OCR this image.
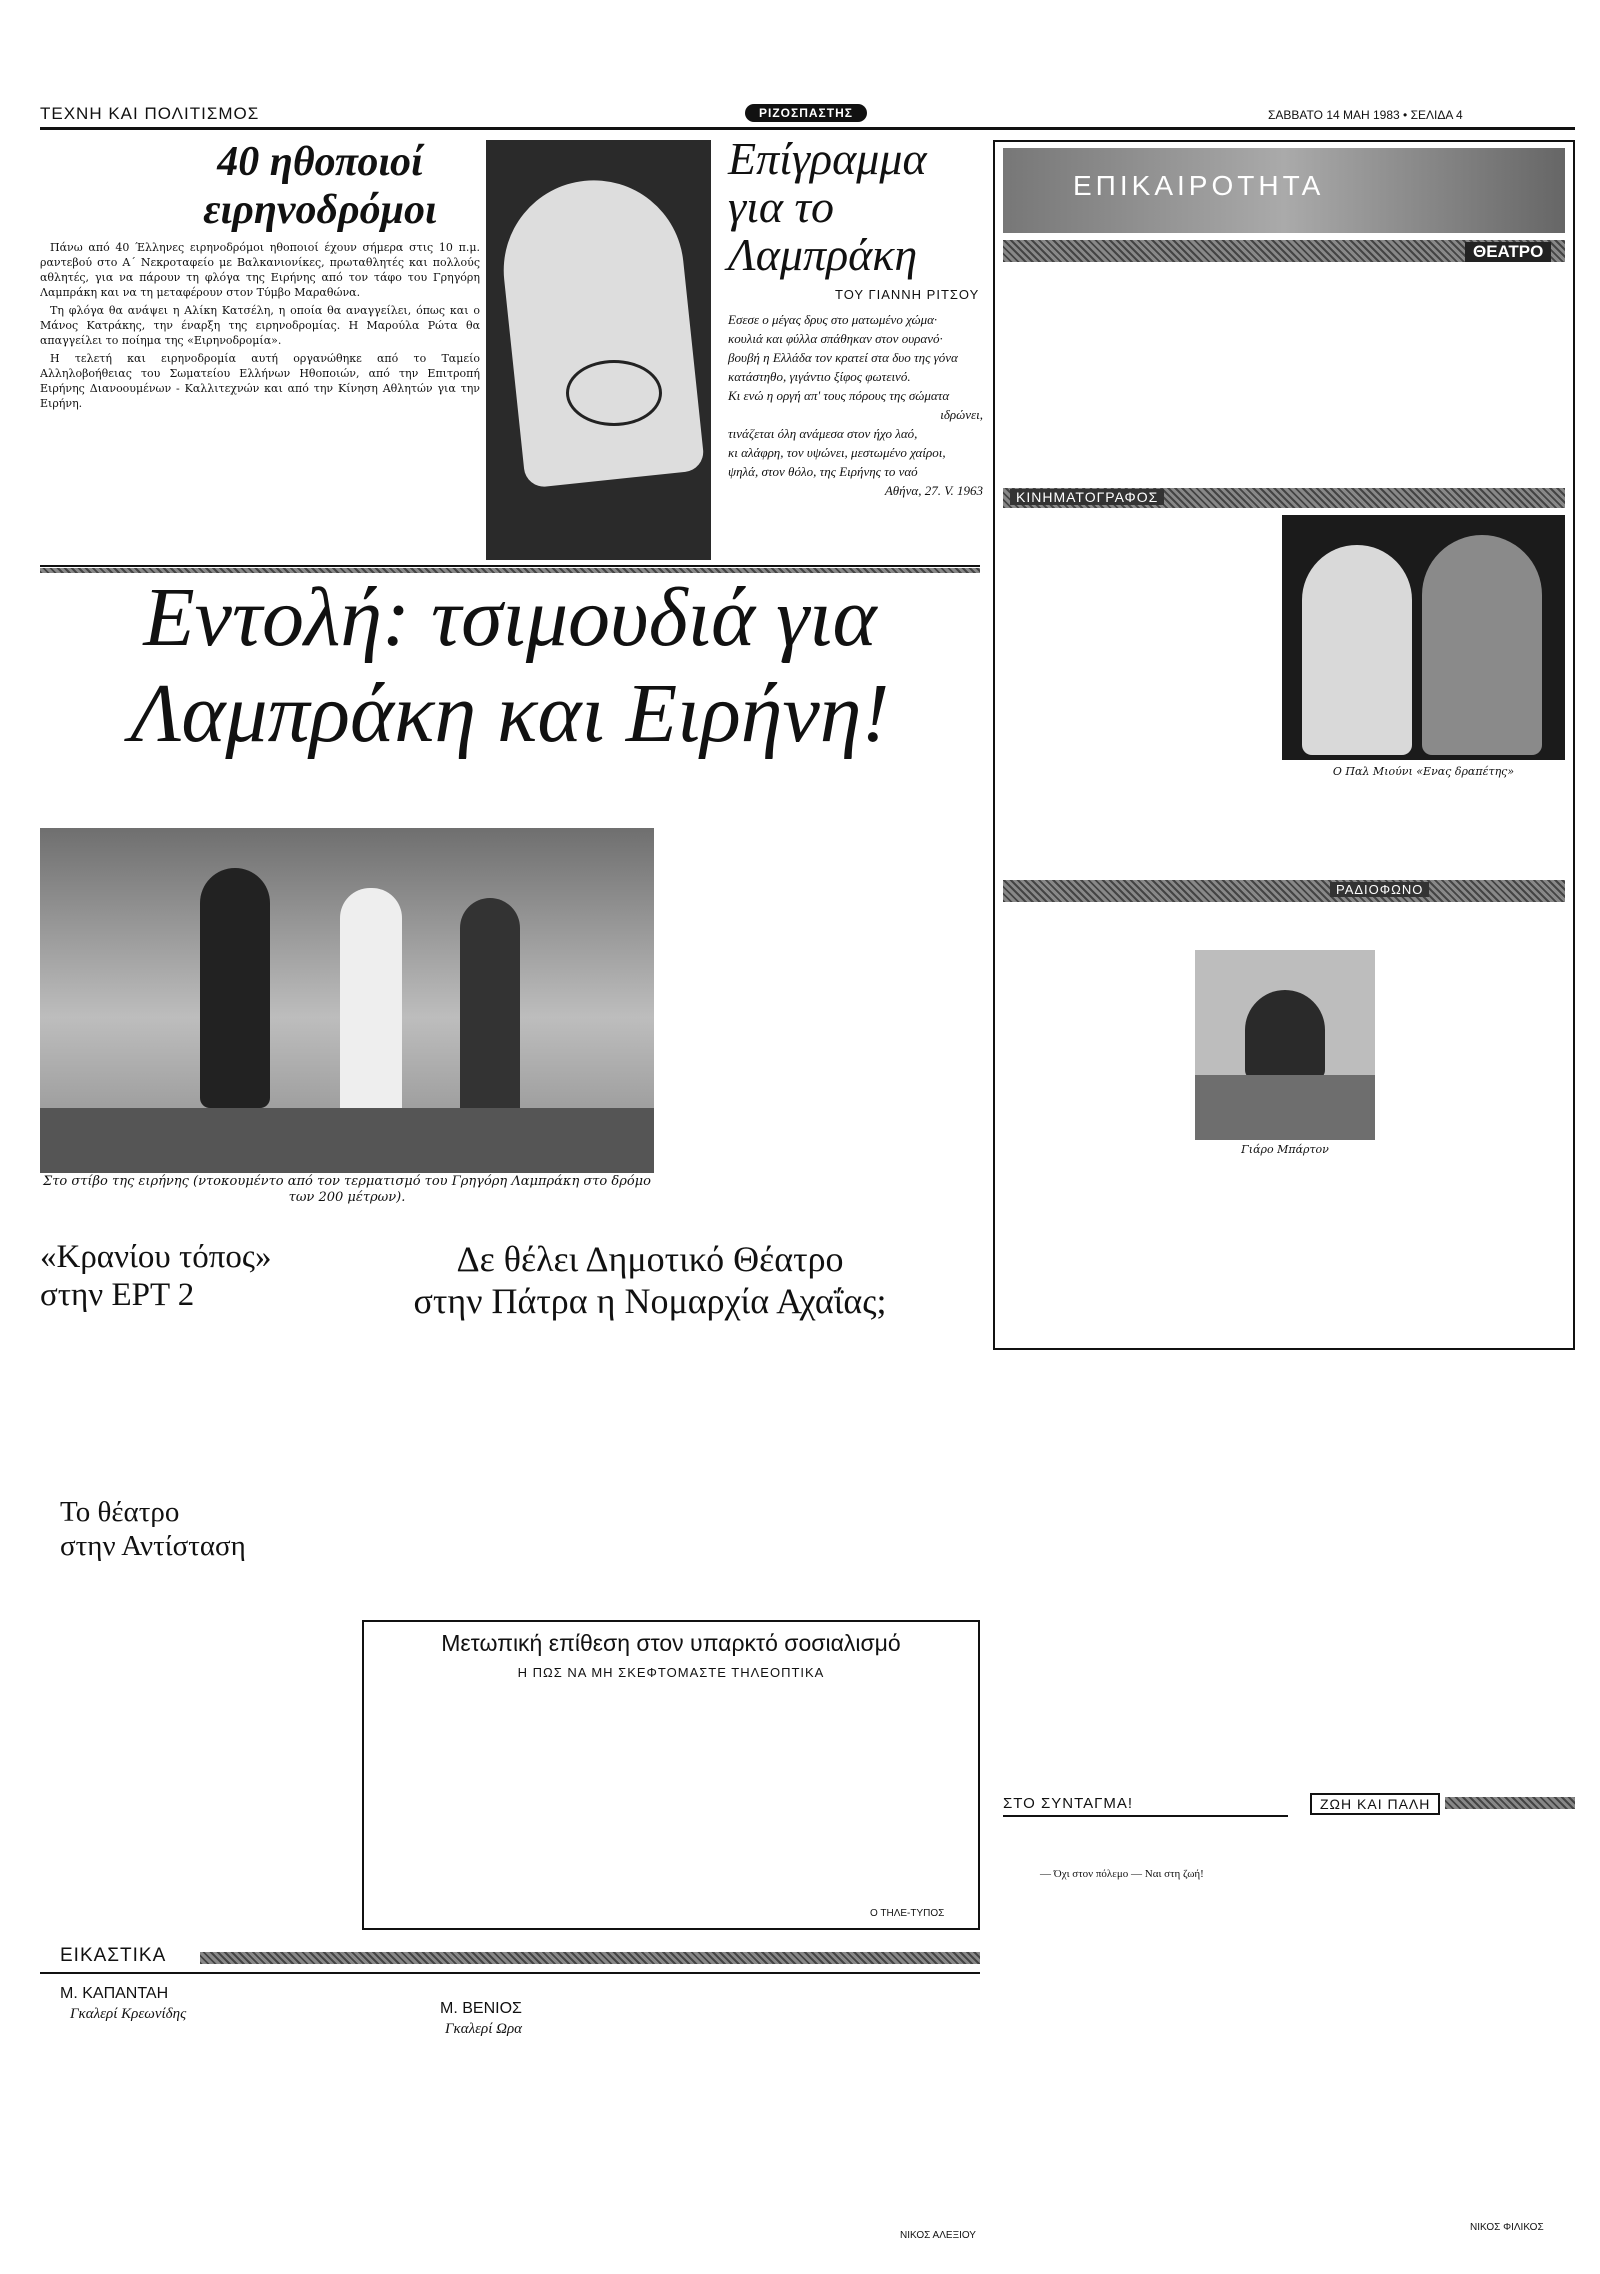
ΤΕΧΝΗ ΚΑΙ ΠΟΛΙΤΙΣΜΟΣ	ΡΙΖΟΣΠΑΣΤΗΣ	ΣΑΒΒΑΤΟ 14 ΜΑΗ 1983 • ΣΕΛΙΔΑ 4
40 ηθοποιοί
ειρηνοδρόμοι

Πάνω από 40 Έλληνες ειρηνοδρόμοι ηθοποιοί έχουν σήμερα στις 10 π.μ. ραντεβού στο Α΄ Νεκροταφείο με Βαλκανιονίκες, πρωταθλητές και πολλούς αθλητές, για να πάρουν τη φλόγα της Ειρήνης από τον τάφο του Γρηγόρη Λαμπράκη και να τη μεταφέρουν στον Τύμβο Μαραθώνα.

Τη φλόγα θα ανάψει η Αλίκη Κατσέλη, η οποία θα αναγγείλει, όπως και ο Μάνος Κατράκης, την έναρξη της ειρηνοδρομίας. Η Μαρούλα Ρώτα θα απαγγείλει το ποίημα της «Ειρηνοδρομία».

Η τελετή και ειρηνοδρομία αυτή οργανώθηκε από το Ταμείο Αλληλοβοήθειας του Σωματείου Ελλήνων Ηθοποιών, από την Επιτροπή Ειρήνης Διανοουμένων - Καλλιτεχνών και από την Κίνηση Αθλητών για την Ειρήνη.

Επίγραμμα
για το
Λαμπράκη
ΤΟΥ ΓΙΑΝΝΗ ΡΙΤΣΟΥ
Εσεσε ο μέγας δρυς στο ματωμένο χώμα·
κουλιά και φύλλα σπάθηκαν στον ουρανό·
βουβή η Ελλάδα τον κρατεί στα δυο της γόνα
κατάστηθο, γιγάντιο ξίφος φωτεινό.
Κι ενώ η οργή απ' τους πόρους της σώματα
ιδρώνει,
τινάζεται όλη ανάμεσα στον ήχο λαό,
κι αλάφρη, τον υψώνει, μεστωμένο χαίροι,
ψηλά, στον θόλο, της Ειρήνης το ναό
Αθήνα, 27. V. 1963
Εντολή: τσιμουδιά για
Λαμπράκη και Ειρήνη!
Στο στίβο της ειρήνης (ντοκουμέντο από τον τερματισμό του Γρηγόρη Λαμπράκη στο δρόμο των 200 μέτρων).
«Κρανίου τόπος»
στην ΕΡΤ 2
Το θέατρο
στην Αντίσταση
Δε θέλει Δημοτικό Θέατρο
στην Πάτρα η Νομαρχία Αχαΐας;
Μετωπική επίθεση στον υπαρκτό σοσιαλισμό
Η ΠΩΣ ΝΑ ΜΗ ΣΚΕΦΤΟΜΑΣΤΕ ΤΗΛΕΟΠΤΙΚΑ
Ο ΤΗΛΕ-ΤΥΠΟΣ
ΕΙΚΑΣΤΙΚΑ
Μ. ΚΑΠΑΝΤΑΗ
Γκαλερί Κρεωνίδης	Μ. ΒΕΝΙΟΣ
Γκαλερί Ωρα
ΝΙΚΟΣ ΑΛΕΞΙΟΥ
ΕΠΙΚΑΙΡΟΤΗΤΑ
ΘΕΑΤΡΟ
ΚΙΝΗΜΑΤΟΓΡΑΦΟΣ
Ο Παλ Μιούνι «Ενας δραπέτης»
ΡΑΔΙΟΦΩΝΟ
Γιάρο Μπάρτον
ΣΤΟ ΣΥΝΤΑΓΜΑ!
— Όχι στον πόλεμο — Ναι στη ζωή!
ΖΩΗ ΚΑΙ ΠΑΛΗ
ΝΙΚΟΣ ΦΙΛΙΚΟΣ
